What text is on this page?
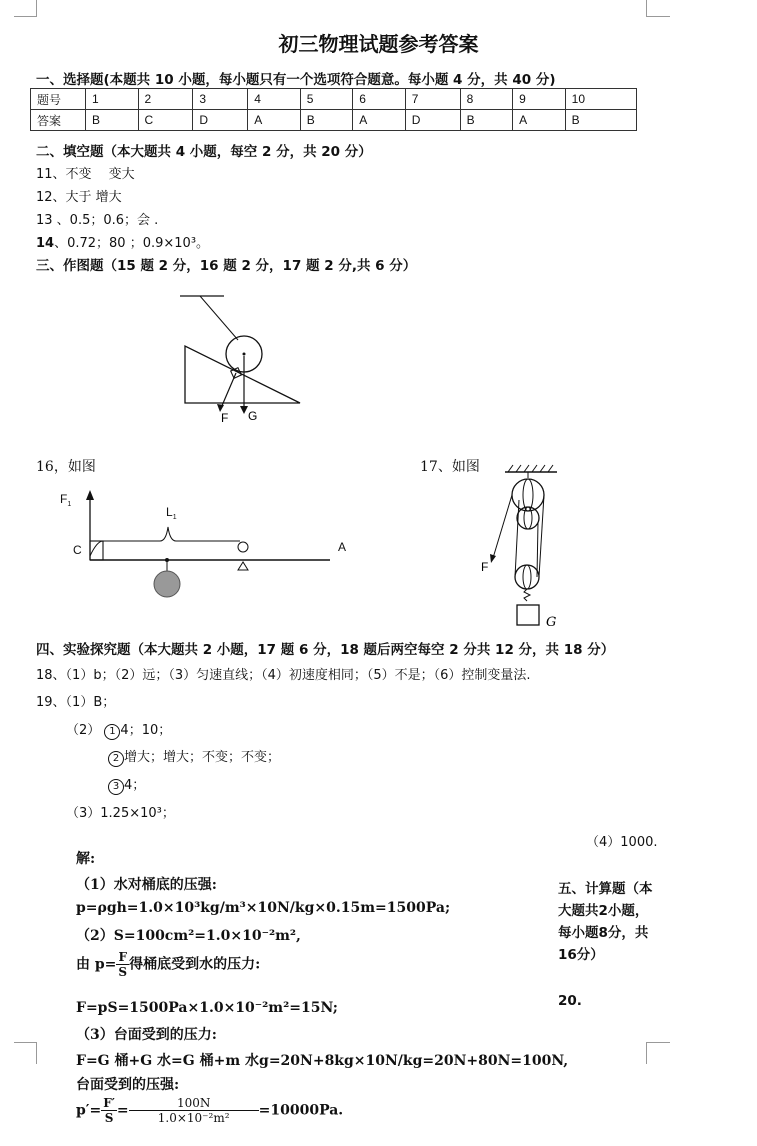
初三物理试题参考答案
一、选择题(本题共 10 小题，每小题只有一个选项符合题意。每小题 4 分，共 40 分)
题号	1	2	3	4	5	6	7	8	9	10
答案	B	C	D	A	B	A	D	B	A	B
二、填空题（本大题共 4 小题，每空 2 分，共 20 分）
11、不变　 变大
12、大于 增大
13 、0.5；0.6；会 .
14、0.72；80 ；0.9×10³。
三、作图题（15 题 2 分，16 题 2 分，17 题 2 分,共 6 分）
F G
16，如图	17、如图
$F_1$
$L_1$
C	A
O
F
G
四、实验探究题（本大题共 2 小题，17 题 6 分，18 题后两空每空 2 分共 12 分，共 18 分）
18、（1）b；（2）远；（3）匀速直线；（4）初速度相同；（5）不是；（6）控制变量法.
19、（1）B；
（2） 1 4；10；
2 增大；增大；不变；不变；
3 4；
（3）1.25×10³；
（4）1000.
五、计算题（本大题共2小题，每小题8分，共16分）
20.
解:
（1）水对桶底的压强:
p=ρgh=1.0×10³kg/m³×10N/kg×0.15m=1500Pa;
（2）S=100cm²=1.0×10⁻²m²,
由 $p= \frac{F}{S}$ 得桶底受到水的压力:
F=pS=1500Pa×1.0×10⁻²m²=15N;
（3）台面受到的压力:
F=G 桶+G 水=G 桶+m 水g=20N+8kg×10N/kg=20N+80N=100N,
台面受到的压强:
$p'= \frac{F'}{S} = \frac{100N}{\text{1.0×10⁻²m²}} =10000Pa$.
